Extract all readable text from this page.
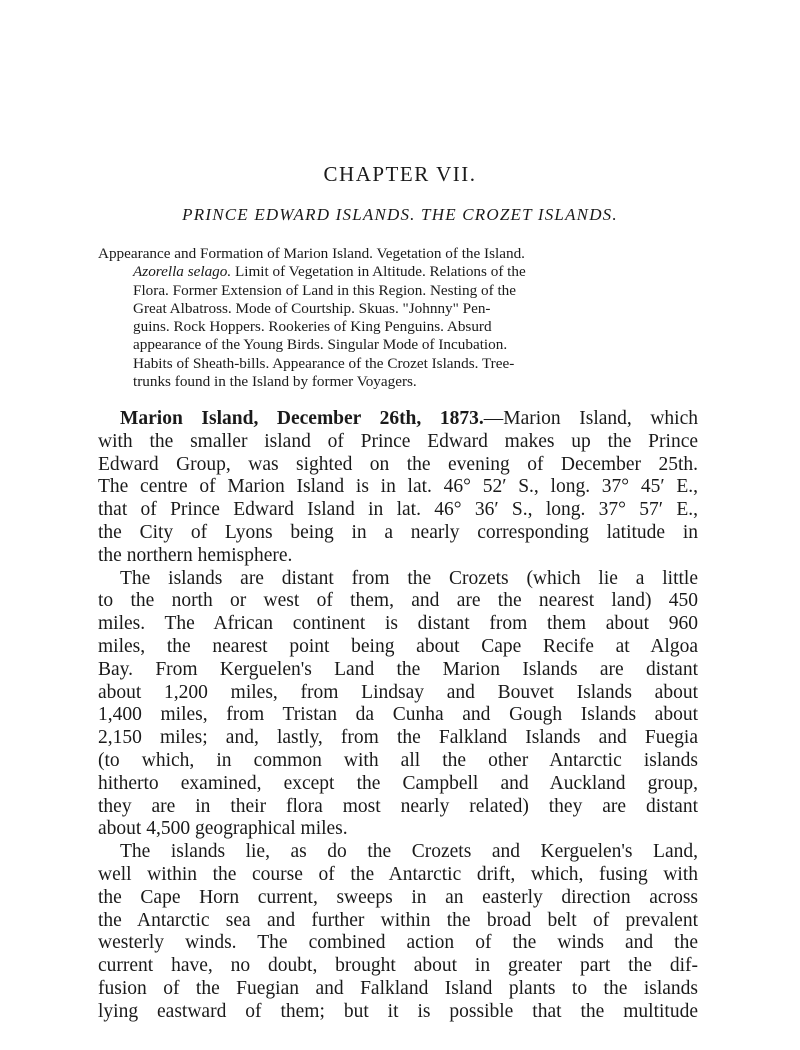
CHAPTER VII.
PRINCE EDWARD ISLANDS. THE CROZET ISLANDS.
Appearance and Formation of Marion Island. Vegetation of the Island.
Azorella selago. Limit of Vegetation in Altitude. Relations of the
Flora. Former Extension of Land in this Region. Nesting of the
Great Albatross. Mode of Courtship. Skuas. "Johnny" Pen-
guins. Rock Hoppers. Rookeries of King Penguins. Absurd
appearance of the Young Birds. Singular Mode of Incubation.
Habits of Sheath-bills. Appearance of the Crozet Islands. Tree-
trunks found in the Island by former Voyagers.
Marion Island, December 26th, 1873.—Marion Island, which
with the smaller island of Prince Edward makes up the Prince
Edward Group, was sighted on the evening of December 25th.
The centre of Marion Island is in lat. 46° 52′ S., long. 37° 45′ E.,
that of Prince Edward Island in lat. 46° 36′ S., long. 37° 57′ E.,
the City of Lyons being in a nearly corresponding latitude in
the northern hemisphere.
The islands are distant from the Crozets (which lie a little
to the north or west of them, and are the nearest land) 450
miles. The African continent is distant from them about 960
miles, the nearest point being about Cape Recife at Algoa
Bay. From Kerguelen's Land the Marion Islands are distant
about 1,200 miles, from Lindsay and Bouvet Islands about
1,400 miles, from Tristan da Cunha and Gough Islands about
2,150 miles; and, lastly, from the Falkland Islands and Fuegia
(to which, in common with all the other Antarctic islands
hitherto examined, except the Campbell and Auckland group,
they are in their flora most nearly related) they are distant
about 4,500 geographical miles.
The islands lie, as do the Crozets and Kerguelen's Land,
well within the course of the Antarctic drift, which, fusing with
the Cape Horn current, sweeps in an easterly direction across
the Antarctic sea and further within the broad belt of prevalent
westerly winds. The combined action of the winds and the
current have, no doubt, brought about in greater part the dif-
fusion of the Fuegian and Falkland Island plants to the islands
lying eastward of them; but it is possible that the multitude
